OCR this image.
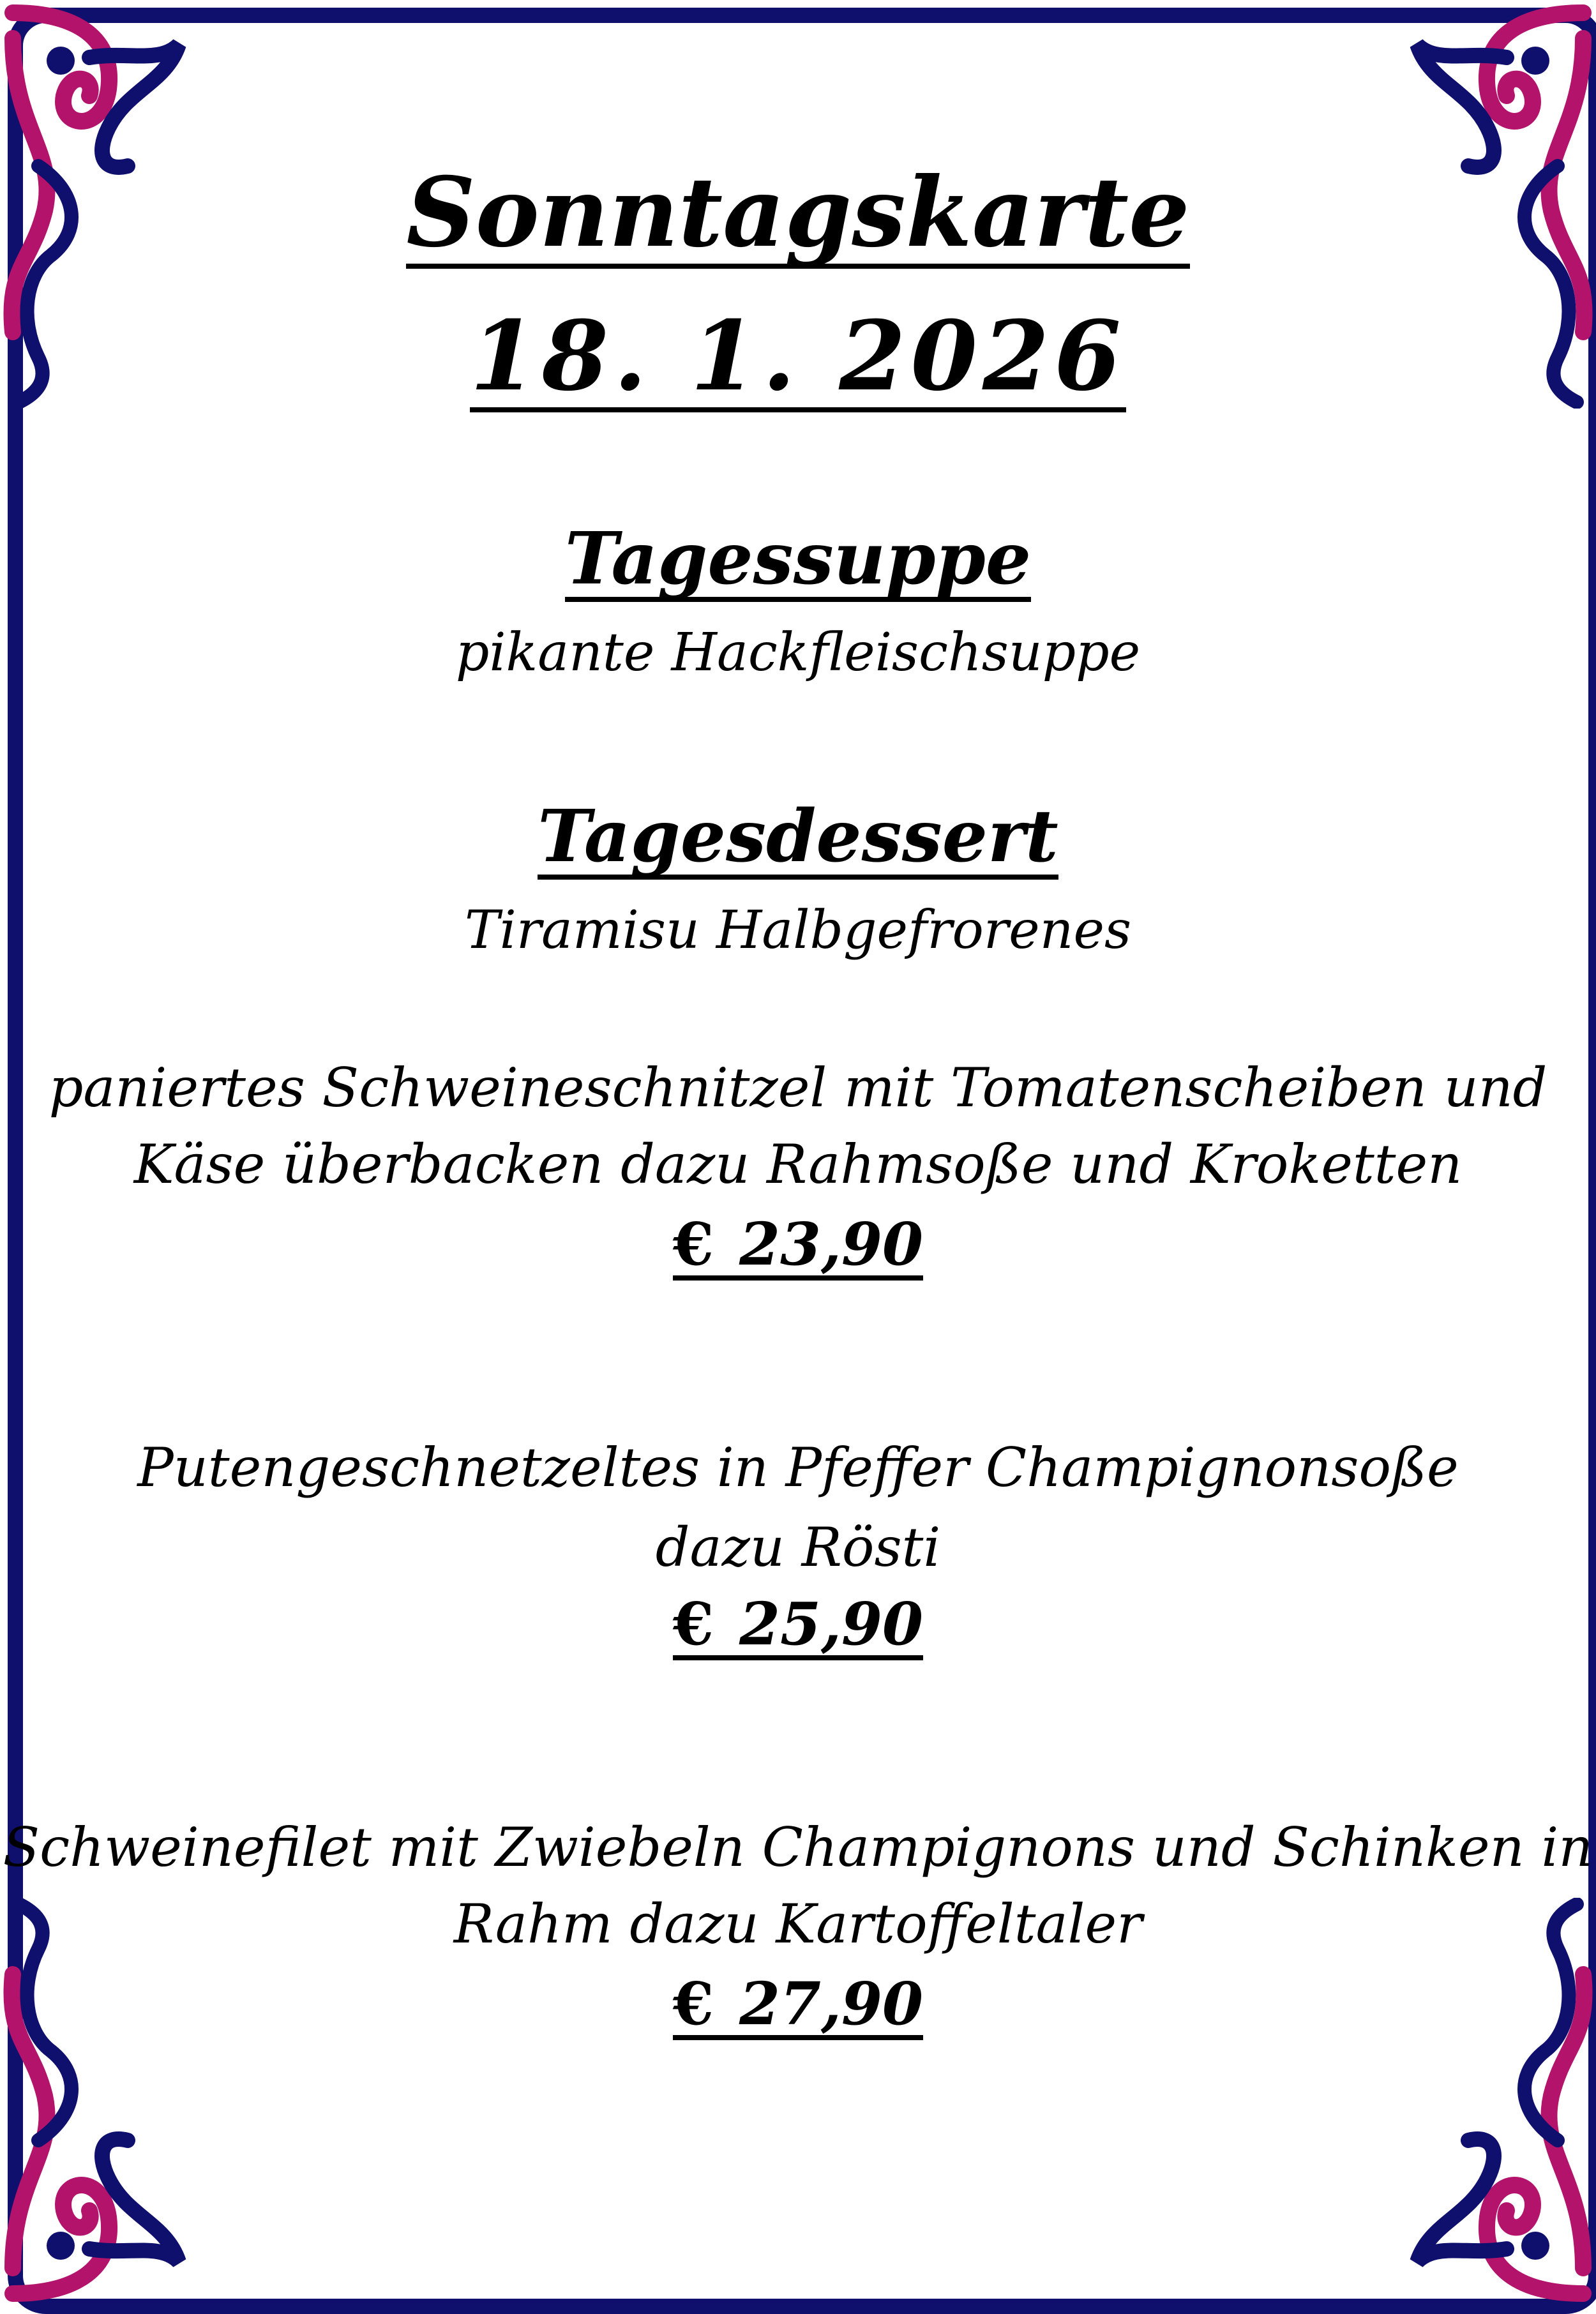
Sonntagskarte
18. 1. 2026
Tagessuppe
pikante Hackfleischsuppe
Tagesdessert
Tiramisu Halbgefrorenes
paniertes Schweineschnitzel mit Tomatenscheiben und
Käse überbacken dazu Rahmsoße und Kroketten
€ 23,90
Putengeschnetzeltes in Pfeffer Champignonsoße
dazu Rösti
€ 25,90
Schweinefilet mit Zwiebeln Champignons und Schinken in
Rahm dazu Kartoffeltaler
€ 27,90
